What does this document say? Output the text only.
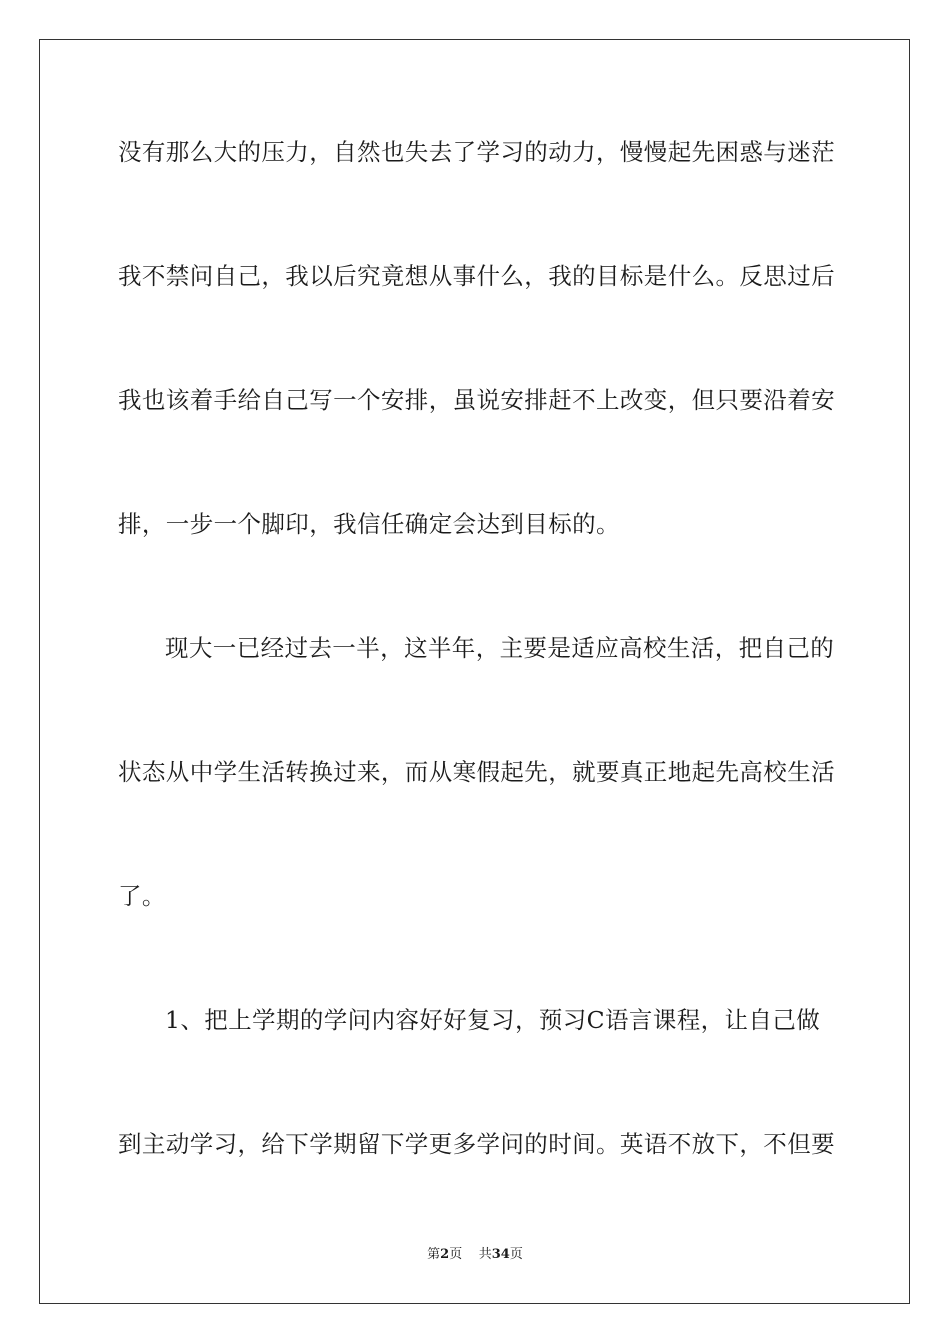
没有那么大的压力，自然也失去了学习的动力，慢慢起先困惑与迷茫
我不禁问自己，我以后究竟想从事什么，我的目标是什么。反思过后
我也该着手给自己写一个安排，虽说安排赶不上改变，但只要沿着安
排，一步一个脚印，我信任确定会达到目标的。
现大一已经过去一半，这半年，主要是适应高校生活，把自己的
状态从中学生活转换过来，而从寒假起先，就要真正地起先高校生活
了。
1、把上学期的学问内容好好复习，预习C语言课程，让自己做
到主动学习，给下学期留下学更多学问的时间。英语不放下，不但要
第2页 共34页
